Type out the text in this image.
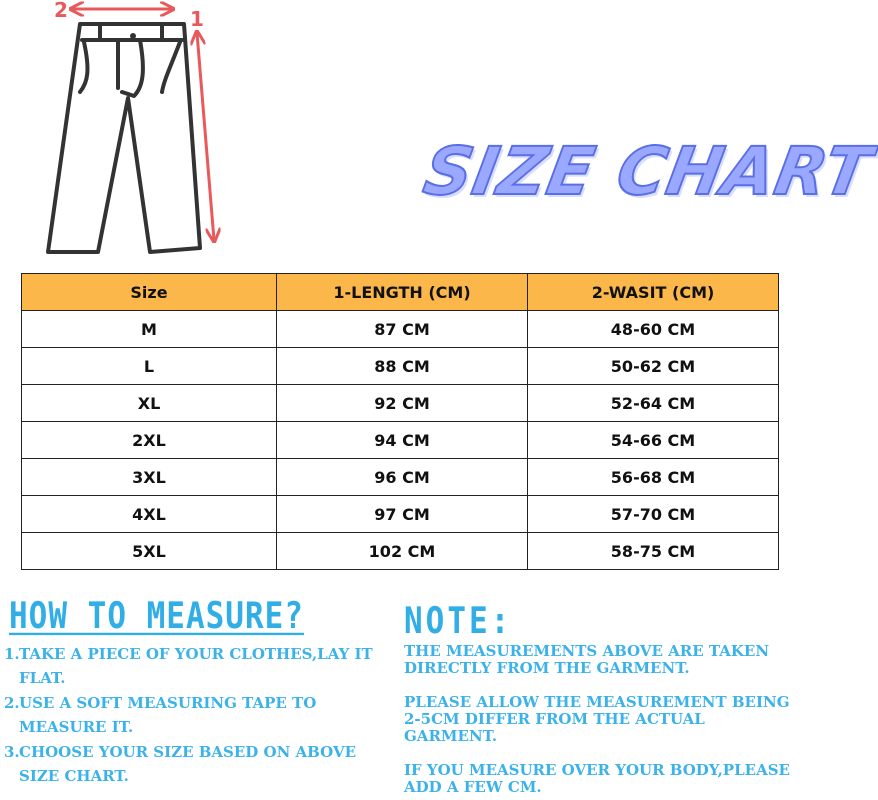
2	1
SIZE CHART
Size	1-LENGTH (CM)	2-WASIT (CM)
M	87 CM	48-60 CM
L	88 CM	50-62 CM
XL	92 CM	52-64 CM
2XL	94 CM	54-66 CM
3XL	96 CM	56-68 CM
4XL	97 CM	57-70 CM
5XL	102 CM	58-75 CM
HOW TO MEASURE?
1. TAKE A PIECE OF YOUR CLOTHES,LAY IT FLAT.
2. USE A SOFT MEASURING TAPE TO MEASURE IT.
3. CHOOSE YOUR SIZE BASED ON ABOVE SIZE CHART.
NOTE:

THE MEASUREMENTS ABOVE ARE TAKEN DIRECTLY FROM THE GARMENT.

PLEASE ALLOW THE MEASUREMENT BEING 2-5CM DIFFER FROM THE ACTUAL GARMENT.

IF YOU MEASURE OVER YOUR BODY,PLEASE ADD A FEW CM.
